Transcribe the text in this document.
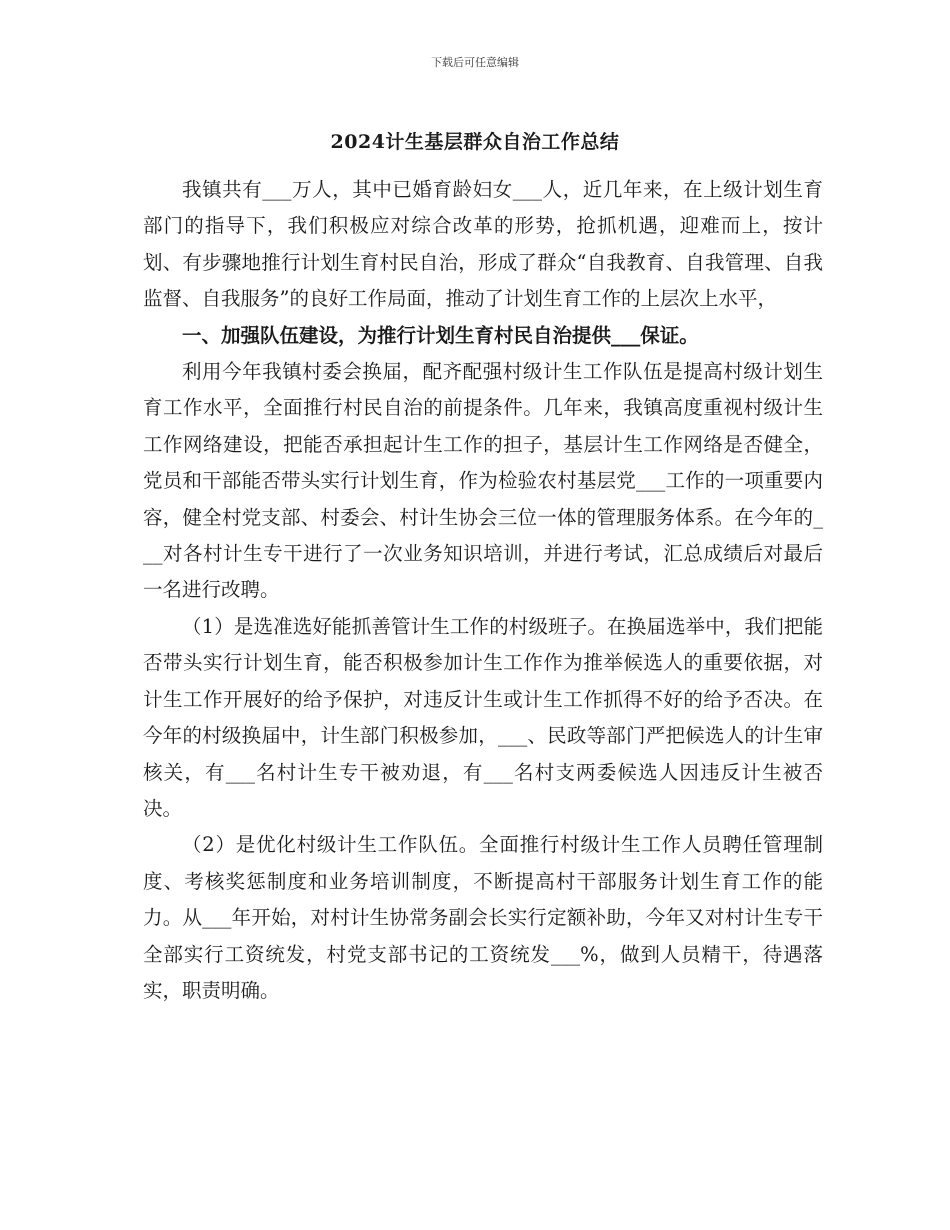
下载后可任意编辑
2024计生基层群众自治工作总结

我镇共有___万人，其中已婚育龄妇女___人，近几年来，在上级计划生育部门的指导下，我们积极应对综合改革的形势，抢抓机遇，迎难而上，按计划、有步骤地推行计划生育村民自治，形成了群众“自我教育、自我管理、自我监督、自我服务”的良好工作局面，推动了计划生育工作的上层次上水平，

一、加强队伍建设，为推行计划生育村民自治提供___保证。

利用今年我镇村委会换届，配齐配强村级计生工作队伍是提高村级计划生育工作水平，全面推行村民自治的前提条件。几年来，我镇高度重视村级计生工作网络建设，把能否承担起计生工作的担子，基层计生工作网络是否健全，党员和干部能否带头实行计划生育，作为检验农村基层党___工作的一项重要内容，健全村党支部、村委会、村计生协会三位一体的管理服务体系。在今年的___对各村计生专干进行了一次业务知识培训，并进行考试，汇总成绩后对最后一名进行改聘。

（1）是选准选好能抓善管计生工作的村级班子。在换届选举中，我们把能否带头实行计划生育，能否积极参加计生工作作为推举候选人的重要依据，对计生工作开展好的给予保护，对违反计生或计生工作抓得不好的给予否决。在今年的村级换届中，计生部门积极参加，___、民政等部门严把候选人的计生审核关，有___名村计生专干被劝退，有___名村支两委候选人因违反计生被否决。

（2）是优化村级计生工作队伍。全面推行村级计生工作人员聘任管理制度、考核奖惩制度和业务培训制度，不断提高村干部服务计划生育工作的能力。从___年开始，对村计生协常务副会长实行定额补助，今年又对村计生专干全部实行工资统发，村党支部书记的工资统发___%，做到人员精干，待遇落实，职责明确。
